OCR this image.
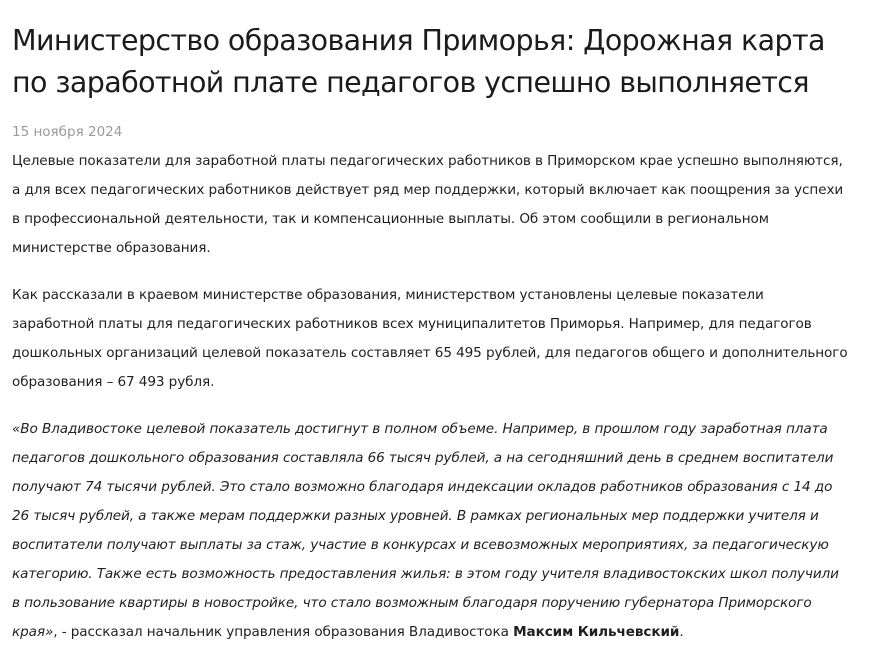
Министерство образования Приморья: Дорожная карта по заработной плате педагогов успешно выполняется
15 ноября 2024

Целевые показатели для заработной платы педагогических работников в Приморском крае успешно выполняются, а для всех педагогических работников действует ряд мер поддержки, который включает как поощрения за успехи в профессиональной деятельности, так и компенсационные выплаты. Об этом сообщили в региональном министерстве образования.

Как рассказали в краевом министерстве образования, министерством установлены целевые показатели заработной платы для педагогических работников всех муниципалитетов Приморья. Например, для педагогов дошкольных организаций целевой показатель составляет 65 495 рублей, для педагогов общего и дополнительного образования – 67 493 рубля.

«Во Владивостоке целевой показатель достигнут в полном объеме. Например, в прошлом году заработная плата педагогов дошкольного образования составляла 66 тысяч рублей, а на сегодняшний день в среднем воспитатели получают 74 тысячи рублей. Это стало возможно благодаря индексации окладов работников образования с 14 до 26 тысяч рублей, а также мерам поддержки разных уровней. В рамках региональных мер поддержки учителя и воспитатели получают выплаты за стаж, участие в конкурсах и всевозможных мероприятиях, за педагогическую категорию. Также есть возможность предоставления жилья: в этом году учителя владивостокских школ получили в пользование квартиры в новостройке, что стало возможным благодаря поручению губернатора Приморского края», - рассказал начальник управления образования Владивостока Максим Кильчевский.
